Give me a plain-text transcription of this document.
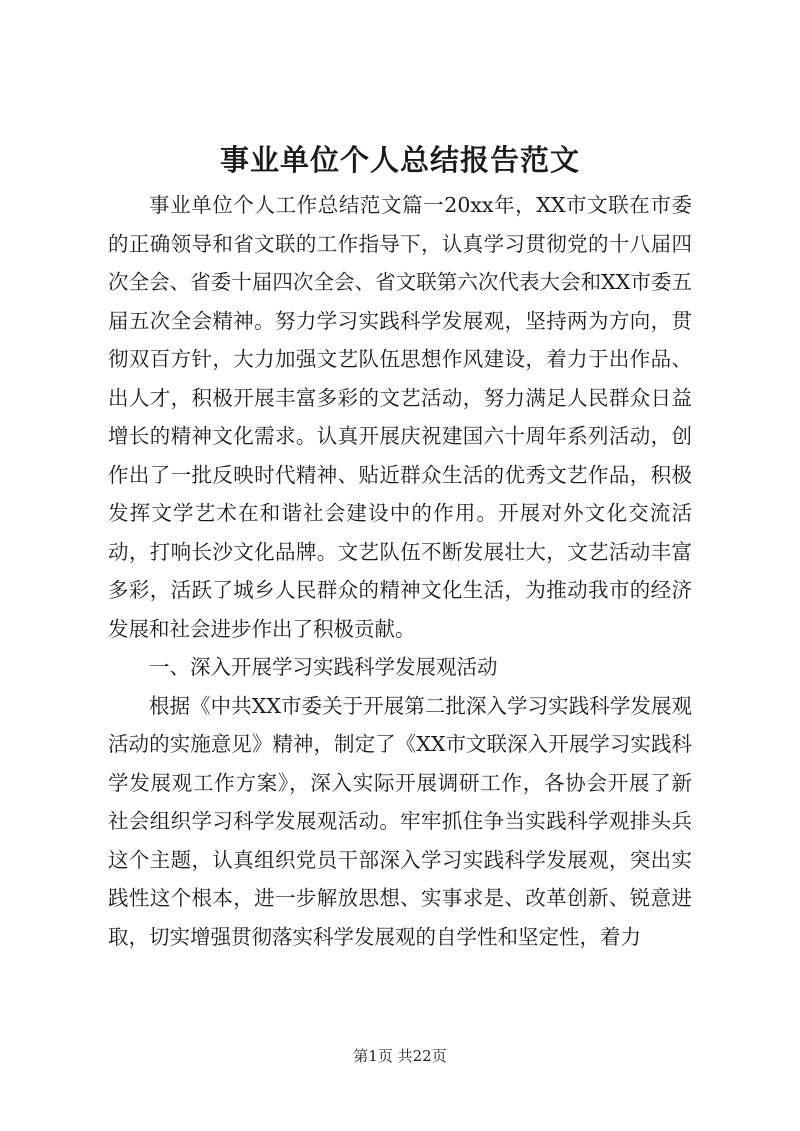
事业单位个人总结报告范文

事业单位个人工作总结范文篇一20xx年，XX市文联在市委的正确领导和省文联的工作指导下，认真学习贯彻党的十八届四次全会、省委十届四次全会、省文联第六次代表大会和XX市委五届五次全会精神。努力学习实践科学发展观，坚持两为方向，贯彻双百方针，大力加强文艺队伍思想作风建设，着力于出作品、出人才，积极开展丰富多彩的文艺活动，努力满足人民群众日益增长的精神文化需求。认真开展庆祝建国六十周年系列活动，创作出了一批反映时代精神、贴近群众生活的优秀文艺作品，积极发挥文学艺术在和谐社会建设中的作用。开展对外文化交流活动，打响长沙文化品牌。文艺队伍不断发展壮大，文艺活动丰富多彩，活跃了城乡人民群众的精神文化生活，为推动我市的经济发展和社会进步作出了积极贡献。

一、深入开展学习实践科学发展观活动

根据《中共XX市委关于开展第二批深入学习实践科学发展观活动的实施意见》精神，制定了《XX市文联深入开展学习实践科学发展观工作方案》，深入实际开展调研工作，各协会开展了新社会组织学习科学发展观活动。牢牢抓住争当实践科学观排头兵这个主题，认真组织党员干部深入学习实践科学发展观，突出实践性这个根本，进一步解放思想、实事求是、改革创新、锐意进取，切实增强贯彻落实科学发展观的自学性和坚定性，着力

第1页 共22页
